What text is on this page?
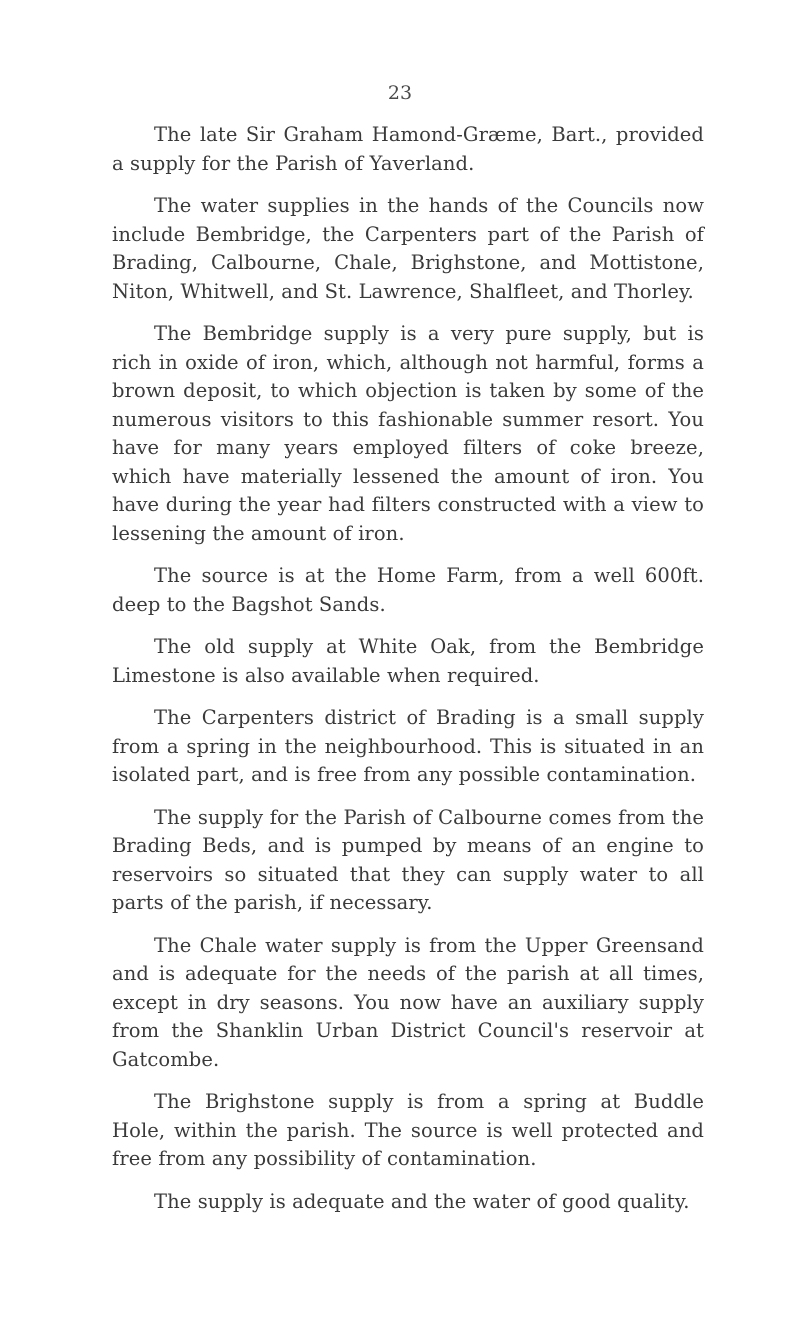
23

The late Sir Graham Hamond-Græme, Bart., provided a supply for the Parish of Yaverland.

The water supplies in the hands of the Councils now include Bembridge, the Carpenters part of the Parish of Brading, Calbourne, Chale, Brighstone, and Mottistone, Niton, Whitwell, and St. Lawrence, Shalfleet, and Thorley.

The Bembridge supply is a very pure supply, but is rich in oxide of iron, which, although not harmful, forms a brown deposit, to which objection is taken by some of the numerous visitors to this fashionable summer resort. You have for many years employed filters of coke breeze, which have materially lessened the amount of iron. You have during the year had filters constructed with a view to lessening the amount of iron.

The source is at the Home Farm, from a well 600ft. deep to the Bagshot Sands.

The old supply at White Oak, from the Bembridge Limestone is also available when required.

The Carpenters district of Brading is a small supply from a spring in the neighbourhood. This is situated in an isolated part, and is free from any possible contamination.

The supply for the Parish of Calbourne comes from the Brading Beds, and is pumped by means of an engine to reservoirs so situated that they can supply water to all parts of the parish, if necessary.

The Chale water supply is from the Upper Greensand and is adequate for the needs of the parish at all times, except in dry seasons. You now have an auxiliary supply from the Shanklin Urban District Council's reservoir at Gatcombe.

The Brighstone supply is from a spring at Buddle Hole, within the parish. The source is well protected and free from any possibility of contamination.

The supply is adequate and the water of good quality.
